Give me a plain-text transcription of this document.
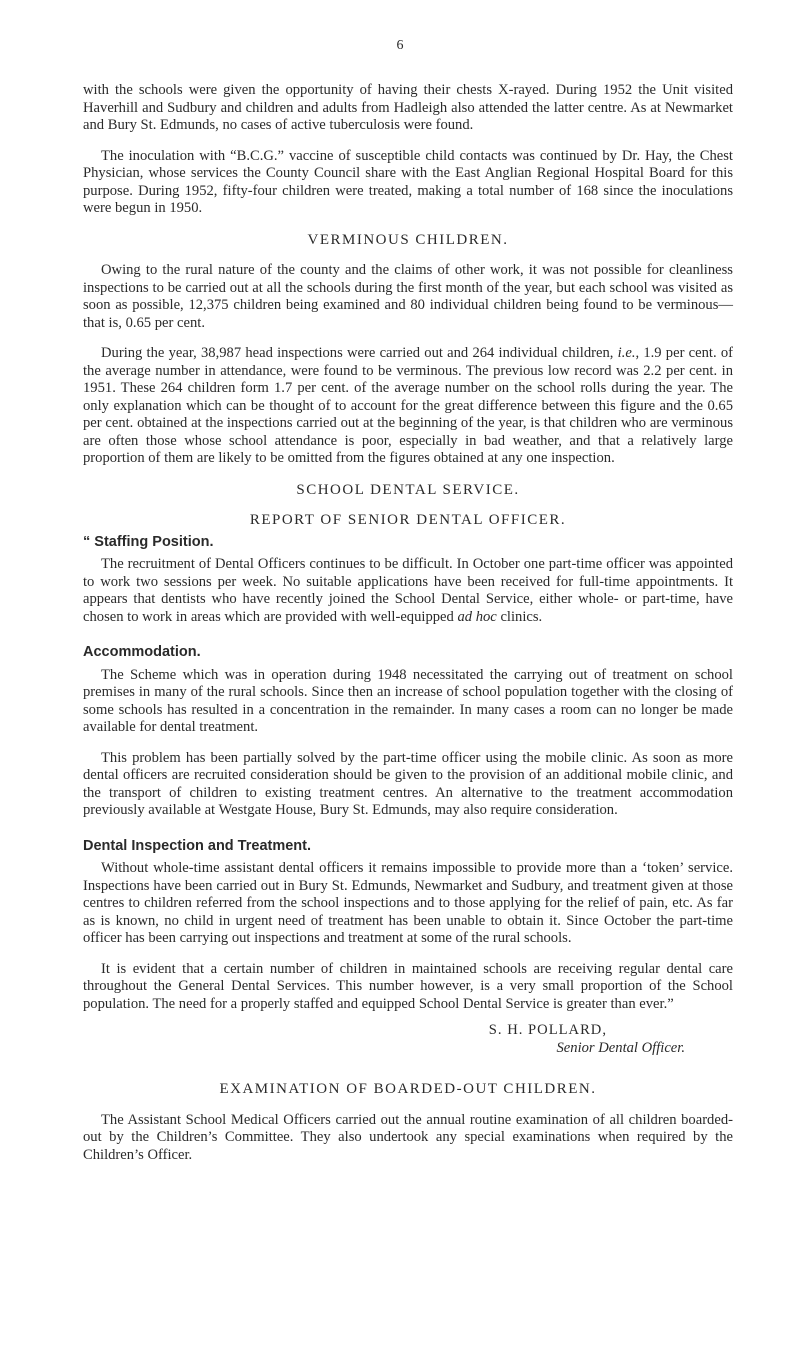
6

with the schools were given the opportunity of having their chests X-rayed. During 1952 the Unit visited Haverhill and Sudbury and children and adults from Hadleigh also attended the latter centre. As at Newmarket and Bury St. Edmunds, no cases of active tuberculosis were found.

The inoculation with “B.C.G.” vaccine of susceptible child contacts was continued by Dr. Hay, the Chest Physician, whose services the County Council share with the East Anglian Regional Hospital Board for this purpose. During 1952, fifty-four children were treated, making a total number of 168 since the inoculations were begun in 1950.

VERMINOUS CHILDREN.

Owing to the rural nature of the county and the claims of other work, it was not possible for cleanliness inspections to be carried out at all the schools during the first month of the year, but each school was visited as soon as possible, 12,375 children being examined and 80 individual children being found to be verminous—that is, 0.65 per cent.

During the year, 38,987 head inspections were carried out and 264 individual children, i.e., 1.9 per cent. of the average number in attendance, were found to be verminous. The previous low record was 2.2 per cent. in 1951. These 264 children form 1.7 per cent. of the average number on the school rolls during the year. The only explanation which can be thought of to account for the great difference between this figure and the 0.65 per cent. obtained at the inspections carried out at the beginning of the year, is that children who are verminous are often those whose school attendance is poor, especially in bad weather, and that a relatively large proportion of them are likely to be omitted from the figures obtained at any one inspection.

SCHOOL DENTAL SERVICE.
REPORT OF SENIOR DENTAL OFFICER.
“ Staffing Position.

The recruitment of Dental Officers continues to be difficult. In October one part-time officer was appointed to work two sessions per week. No suitable applications have been received for full-time appointments. It appears that dentists who have recently joined the School Dental Service, either whole- or part-time, have chosen to work in areas which are provided with well-equipped ad hoc clinics.

Accommodation.

The Scheme which was in operation during 1948 necessitated the carrying out of treatment on school premises in many of the rural schools. Since then an increase of school population together with the closing of some schools has resulted in a concentration in the remainder. In many cases a room can no longer be made available for dental treatment.

This problem has been partially solved by the part-time officer using the mobile clinic. As soon as more dental officers are recruited consideration should be given to the provision of an additional mobile clinic, and the transport of children to existing treatment centres. An alternative to the treatment accommodation previously available at Westgate House, Bury St. Edmunds, may also require consideration.

Dental Inspection and Treatment.

Without whole-time assistant dental officers it remains impossible to provide more than a ‘token’ service. Inspections have been carried out in Bury St. Edmunds, Newmarket and Sudbury, and treatment given at those centres to children referred from the school inspections and to those applying for the relief of pain, etc. As far as is known, no child in urgent need of treatment has been unable to obtain it. Since October the part-time officer has been carrying out inspections and treatment at some of the rural schools.

It is evident that a certain number of children in maintained schools are receiving regular dental care throughout the General Dental Services. This number however, is a very small proportion of the School population. The need for a properly staffed and equipped School Dental Service is greater than ever.”

S. H. POLLARD,
Senior Dental Officer.
EXAMINATION OF BOARDED-OUT CHILDREN.

The Assistant School Medical Officers carried out the annual routine examination of all children boarded-out by the Children’s Committee. They also undertook any special examinations when required by the Children’s Officer.
